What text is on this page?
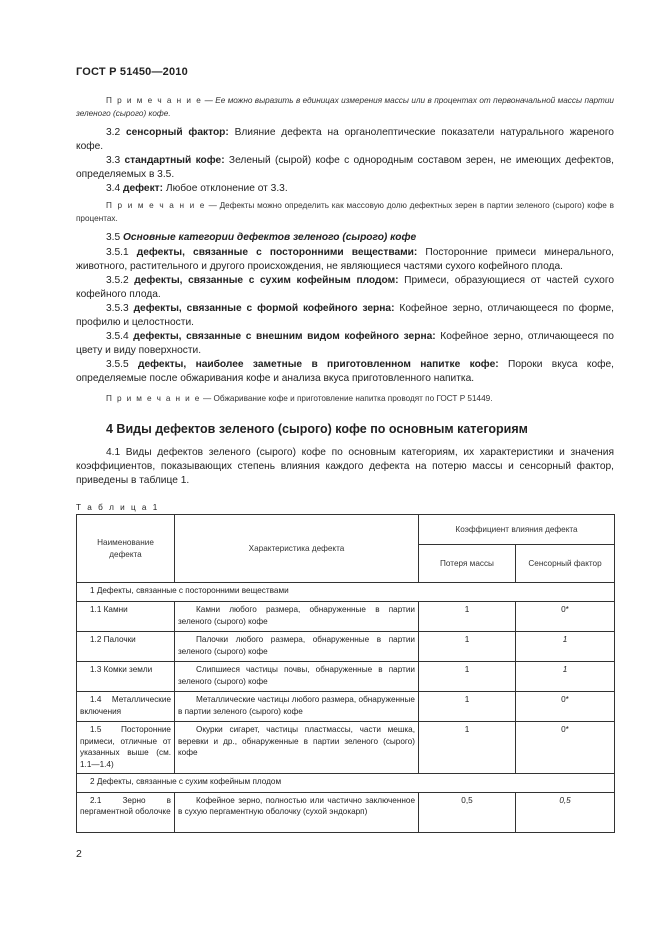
ГОСТ Р 51450—2010

П р и м е ч а н и е — Ее можно выразить в единицах измерения массы или в процентах от первоначальной массы партии зеленого (сырого) кофе.

3.2 сенсорный фактор: Влияние дефекта на органолептические показатели натурального жареного кофе.

3.3 стандартный кофе: Зеленый (сырой) кофе с однородным составом зерен, не имеющих дефектов, определяемых в 3.5.

3.4 дефект: Любое отклонение от 3.3.

П р и м е ч а н и е — Дефекты можно определить как массовую долю дефектных зерен в партии зеленого (сырого) кофе в процентах.

3.5 Основные категории дефектов зеленого (сырого) кофе

3.5.1 дефекты, связанные с посторонними веществами: Посторонние примеси минерального, животного, растительного и другого происхождения, не являющиеся частями сухого кофейного плода.

3.5.2 дефекты, связанные с сухим кофейным плодом: Примеси, образующиеся от частей сухого кофейного плода.

3.5.3 дефекты, связанные с формой кофейного зерна: Кофейное зерно, отличающееся по форме, профилю и целостности.

3.5.4 дефекты, связанные с внешним видом кофейного зерна: Кофейное зерно, отличающееся по цвету и виду поверхности.

3.5.5 дефекты, наиболее заметные в приготовленном напитке кофе: Пороки вкуса кофе, определяемые после обжаривания кофе и анализа вкуса приготовленного напитка.

П р и м е ч а н и е — Обжаривание кофе и приготовление напитка проводят по ГОСТ Р 51449.

4 Виды дефектов зеленого (сырого) кофе по основным категориям

4.1 Виды дефектов зеленого (сырого) кофе по основным категориям, их характеристики и значения коэффициентов, показывающих степень влияния каждого дефекта на потерю массы и сенсорный фактор, приведены в таблице 1.

Т а б л и ц а 1

Наименование дефекта	Характеристика дефекта	Коэффициент влияния дефекта	
		Потеря массы	Сенсорный фактор
1 Дефекты, связанные с посторонними веществами			
1.1 Камни	Камни любого размера, обнаруженные в партии зеленого (сырого) кофе	1	0*
1.2 Палочки	Палочки любого размера, обнаруженные в партии зеленого (сырого) кофе	1	1
1.3 Комки земли	Слипшиеся частицы почвы, обнаруженные в партии зеленого (сырого) кофе	1	1
1.4 Металлические включения	Металлические частицы любого размера, обнаруженные в партии зеленого (сырого) кофе	1	0*
1.5 Посторонние примеси, отличные от указанных выше (см. 1.1—1.4)	Окурки сигарет, частицы пластмассы, части мешка, веревки и др., обнаруженные в партии зеленого (сырого) кофе	1	0*
2 Дефекты, связанные с сухим кофейным плодом			
2.1 Зерно в пергаментной оболочке	Кофейное зерно, полностью или частично заключенное в сухую пергаментную оболочку (сухой эндокарп)	0,5	0,5
2
